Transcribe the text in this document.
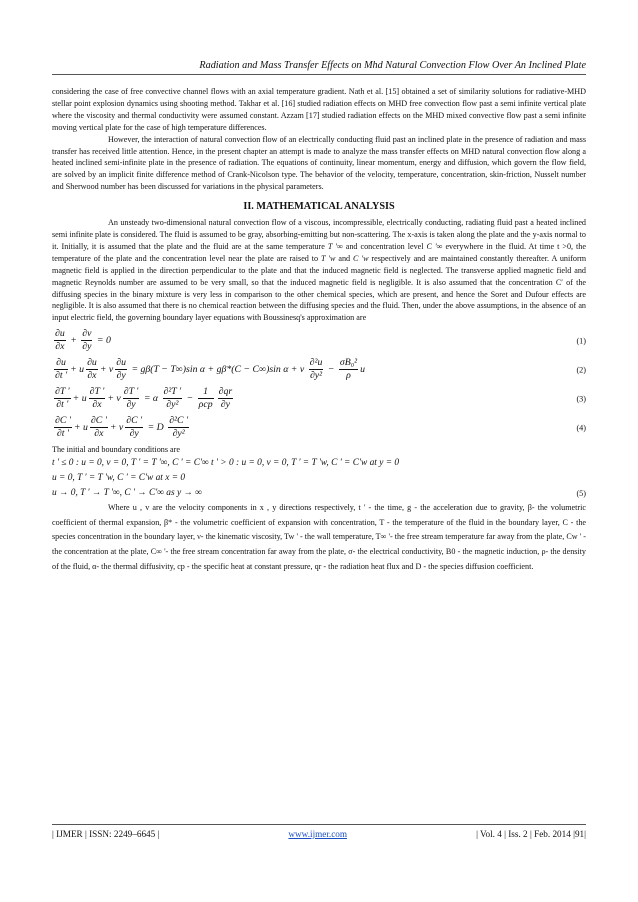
Radiation and Mass Transfer Effects on Mhd Natural Convection Flow Over An Inclined Plate

considering the case of free convective channel flows with an axial temperature gradient. Nath et al. [15] obtained a set of similarity solutions for radiative-MHD stellar point explosion dynamics using shooting method. Takhar et al. [16] studied radiation effects on MHD free convection flow past a semi infinite vertical plate where the viscosity and thermal conductivity were assumed constant. Azzam [17] studied radiation effects on the MHD mixed convective flow past a semi infinite moving vertical plate for the case of high temperature differences.

However, the interaction of natural convection flow of an electrically conducting fluid past an inclined plate in the presence of radiation and mass transfer has received little attention. Hence, in the present chapter an attempt is made to analyze the mass transfer effects on MHD natural convection flow along a heated inclined semi-infinite plate in the presence of radiation. The equations of continuity, linear momentum, energy and diffusion, which govern the flow field, are solved by an implicit finite difference method of Crank-Nicolson type. The behavior of the velocity, temperature, concentration, skin-friction, Nusselt number and Sherwood number has been discussed for variations in the physical parameters.

II. MATHEMATICAL ANALYSIS

An unsteady two-dimensional natural convection flow of a viscous, incompressible, electrically conducting, radiating fluid past a heated inclined semi infinite plate is considered. The fluid is assumed to be gray, absorbing-emitting but non-scattering. The x-axis is taken along the plate and the y-axis normal to it. Initially, it is assumed that the plate and the fluid are at the same temperature T '∞ and concentration level C '∞ everywhere in the fluid. At time t >0, the temperature of the plate and the concentration level near the plate are raised to T 'w and C 'w respectively and are maintained constantly thereafter. A uniform magnetic field is applied in the direction perpendicular to the plate and that the induced magnetic field is neglected. The transverse applied magnetic field and magnetic Reynolds number are assumed to be very small, so that the induced magnetic field is negligible. It is also assumed that the concentration C′ of the diffusing species in the binary mixture is very less in comparison to the other chemical species, which are present, and hence the Soret and Dufour effects are negligible. It is also assumed that there is no chemical reaction between the diffusing species and the fluid. Then, under the above assumptions, in the absence of an input electric field, the governing boundary layer equations with Boussinesq's approximation are

$\frac{\partial u}{\partial x} + \frac{\partial v}{\partial y} = 0$	(1)
$\frac{\partial u}{\partial t '} + u \frac{\partial u}{\partial x} + v \frac{\partial u}{\partial y} = g\beta(T - T\infty)\sin$ α + gβ*(C − C∞)sin α + ν $\frac{\text{∂²u}}{\text{∂y²}} - \frac{\text{σB₀²}}{\rho}$ u	(2)
$\frac{\partial T '}{\partial t '} + u \frac{\partial T '}{\partial x} + v \frac{\partial T '}{\partial y} = \alpha \frac{\text{∂²T '}}{\text{∂y²}} - \frac{1}{\text{ρcp}} \frac{\partial qr}{\partial y}$	(3)
$\frac{\partial C '}{\partial t '} + u \frac{\partial C '}{\partial x} + v \frac{\partial C '}{\partial y} = D \frac{\text{∂²C '}}{\text{∂y²}}$	(4)

The initial and boundary conditions are

t ' ≤ 0 : u = 0, v = 0, T ' = T '∞, C ' = C'∞ t ' > 0 : u = 0, v = 0, T ' = T 'w, C ' = C'w at y = 0
u = 0, T ' = T 'w, C ' = C'w at x = 0
u → 0, T ' → T '∞, C ' → C'∞ as y → ∞	(5)

Where u , v are the velocity components in x , y directions respectively, t ' - the time, g - the acceleration due to gravity, β- the volumetric coefficient of thermal expansion, β* - the volumetric coefficient of expansion with concentration, T - the temperature of the fluid in the boundary layer, C - the species concentration in the boundary layer, ν- the kinematic viscosity, Tw ' - the wall temperature, T∞ '- the free stream temperature far away from the plate, Cw ' - the concentration at the plate, C∞ '- the free stream concentration far away from the plate, σ- the electrical conductivity, B0 - the magnetic induction, ρ- the density of the fluid, α- the thermal diffusivity, cp - the specific heat at constant pressure, qr - the radiation heat flux and D - the species diffusion coefficient.

| IJMER | ISSN: 2249–6645 |	www.ijmer.com	| Vol. 4 | Iss. 2 | Feb. 2014 |91|
